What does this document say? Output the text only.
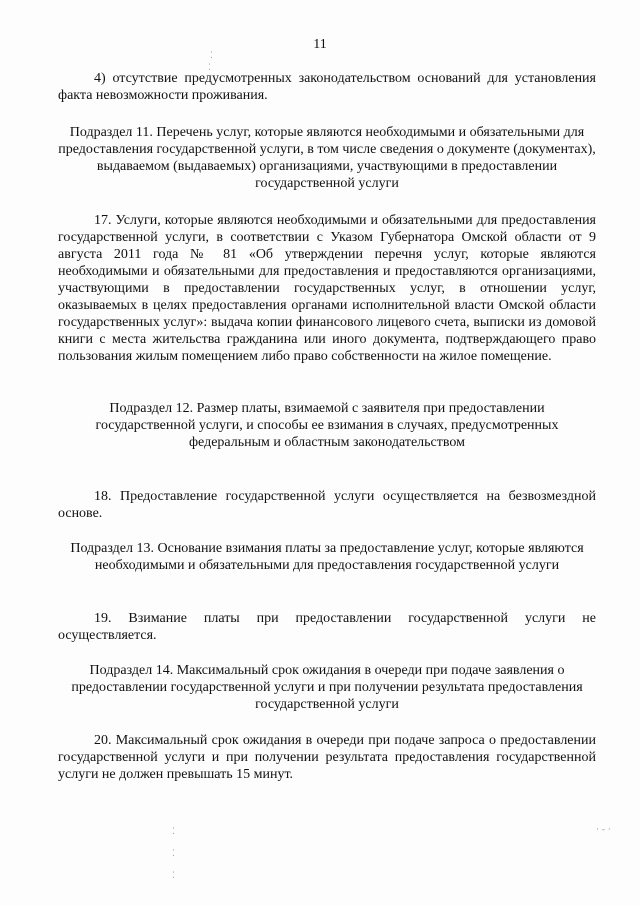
11
⁚
⁚
⁚
⁚
⁚
· - ·
4) отсутствие предусмотренных законодательством оснований для установления факта невозможности проживания.
Подраздел 11. Перечень услуг, которые являются необходимыми и обязательными для предоставления государственной услуги, в том числе сведения о документе (документах), выдаваемом (выдаваемых) организациями, участвующими в предоставлении государственной услуги
17. Услуги, которые являются необходимыми и обязательными для предоставления государственной услуги, в соответствии с Указом Губернатора Омской области от 9 августа 2011 года № 81 «Об утверждении перечня услуг, которые являются необходимыми и обязательными для предоставления и предоставляются организациями, участвующими в предоставлении государственных услуг, в отношении услуг, оказываемых в целях предоставления органами исполнительной власти Омской области государственных услуг»: выдача копии финансового лицевого счета, выписки из домовой книги с места жительства гражданина или иного документа, подтверждающего право пользования жилым помещением либо право собственности на жилое помещение.
Подраздел 12. Размер платы, взимаемой с заявителя при предоставлении государственной услуги, и способы ее взимания в случаях, предусмотренных федеральным и областным законодательством
18. Предоставление государственной услуги осуществляется на безвозмездной основе.
Подраздел 13. Основание взимания платы за предоставление услуг, которые являются необходимыми и обязательными для предоставления государственной услуги
19. Взимание платы при предоставлении государственной услуги не осуществляется.
Подраздел 14. Максимальный срок ожидания в очереди при подаче заявления о предоставлении государственной услуги и при получении результата предоставления государственной услуги
20. Максимальный срок ожидания в очереди при подаче запроса о предоставлении государственной услуги и при получении результата предоставления государственной услуги не должен превышать 15 минут.
